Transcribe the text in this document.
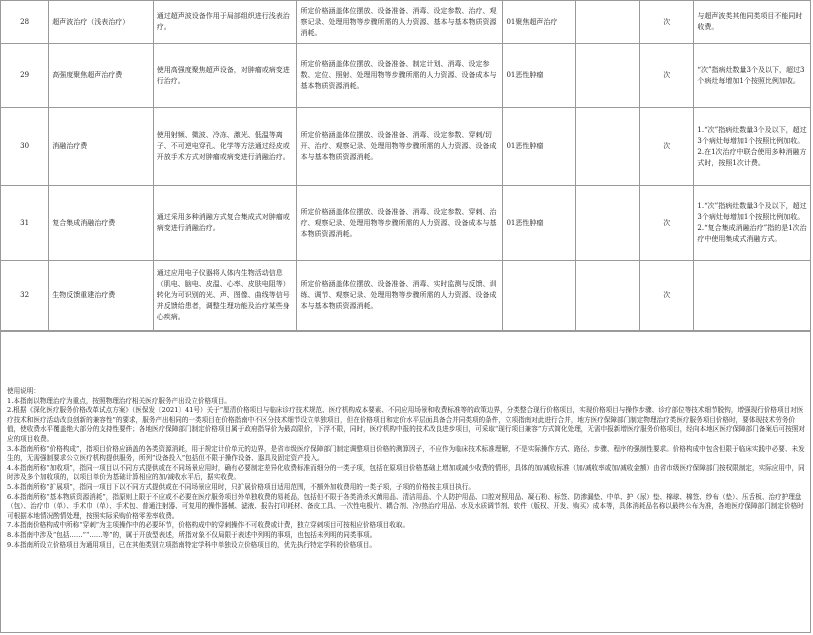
28	超声波治疗（浅表治疗）	通过超声波设备作用于局部组织进行浅表治疗。	所定价格涵盖体位摆放、设备准备、消毒、设定参数、治疗、观察记录、处理用物等步骤所需的人力资源、基本与基本物质资源消耗。	01聚焦超声治疗		次	与超声波类其他同类项目不能同时收费。
29	高强度聚焦超声治疗费	使用高强度聚焦超声设备，对肿瘤或病变进行治疗。	所定价格涵盖体位摆放、设备准备、制定计划、消毒、设定参数、定位、照射、处理用物等步骤所需的人力资源、设备成本与基本物质资源消耗。	01恶性肿瘤		次	“次”指病灶数量3个及以下，超过3个病灶每增加1个按照比例加收。
30	消融治疗费	使用射频、微波、冷冻、激光、低温等离子、不可逆电穿孔、化学等方法通过经皮或开放手术方式对肿瘤或病变进行消融治疗。	所定价格涵盖体位摆放、设备准备、消毒、设定参数、穿刺/切开、治疗、观察记录、处理用物等步骤所需的人力资源、设备成本与基本物质资源消耗。	01恶性肿瘤		次	1.“次”指病灶数量3个及以下，超过3个病灶每增加1个按照比例加收。2.在1次治疗中联合使用多种消融方式时，按照1次计费。
31	复合集成消融治疗费	通过采用多种消融方式复合集成式对肿瘤或病变进行消融治疗。	所定价格涵盖体位摆放、设备准备、消毒、设定参数、穿刺、治疗、观察记录、处理用物等步骤所需的人力资源、设备成本与基本物质资源消耗。	01恶性肿瘤		次	1.“次”指病灶数量3个及以下，超过3个病灶每增加1个按照比例加收。2.“复合集成消融治疗”指的是1次治疗中使用集成式消融方式。
32	生物反馈重建治疗费	通过应用电子仪器将人体内生物活动信息（肌电、脑电、皮温、心率、皮肤电阻等）转化为可识别的光、声、图像、曲线等信号并反馈给患者，调整生理功能及治疗某些身心疾病。	所定价格涵盖体位摆放、设备准备、消毒、实时监测与反馈、训练、调节、观察记录、处理用物等步骤所需的人力资源、设备成本与基本物质资源消耗。			次	

使用说明：

1.本指南以物理治疗为重点，按照物理治疗相关医疗服务产出设立价格项目。

2.根据《深化医疗服务价格改革试点方案》（医保发〔2021〕41号）关于“厘清价格项目与临床诊疗技术规范、医疗机构成本要素、不同应用场景和收费标准等的政策边界，分类整合现行价格项目，实现价格项目与操作步骤、诊疗部位等技术细节脱钩，增强现行价格项目对医疗技术和医疗活动改良创新的兼容性”的要求，服务产出相同的一类项目在价格指南中不区分技术细节设立单独项目，但在价格项目和定价水平层面具备合并同类项的条件，立项指南对此进行合并，地方医疗保障部门制定物理治疗类医疗服务项目价格时，要体现技术劳务价值，使收费水平覆盖绝大部分的支持性要件；各地医疗保障部门制定价格项目属于政府指导价为最高限价，下浮不限，同时，医疗机构中报的技术改良进步项目，可采取“现行项目兼容”方式简化处理，无需申报新增医疗服务价格项目，经向本地区医疗保障部门备案后可按照对应的项目收费。

3.本指南所称“价格构成”，指项目价格应涵盖的各类资源消耗，用于规定计价单元的边界，是省市级医疗保障部门制定调整项目价格的测算因子，不应作为临床技术标准理解，不是实际操作方式、路径、步骤、程序的强制性要求。价格构成中包含但限于临床实践中必要、未发生的，无需强制要求公立医疗机构提供服务，所列“设备投入”包括但不限于操作设备、器具及固定资产投入。

4.本指南所称“加收项”，指同一项目以不同方式提供或在不同场景应用时，确有必要制定差异化收费标准而细分的一类子项，包括在原项目价格基础上增加或减少收费的情形，具体的加/减收标准（加/减收率或加/减收金额）由省市级医疗保障部门按权限制定，实际应用中，同时涉及多个加收项的，以项目单价为基础计算相应的加/减收水平后，据实收费。

5.本指南所称“扩展项”，指同一项目下以不同方式提供或在不同场景应用时，只扩展价格项目适用范围，不额外加收费用的一类子项，子项的价格按主项目执行。

6.本指南所称“基本物质资源消耗”，指原则上限于不应或不必要在医疗服务项目外单独收费的易耗品，包括但不限于各类消杀灭菌用品、清洁用品、个人防护用品、口腔对照用品、凝石粉、标签、防渗漏垫、中单、护（尿）垫、棉球、棉签、纱布（垫）、压舌板、治疗护理盘（包）、治疗巾（单）、手术巾（单）、手术包、普通注射器、可复用的操作器械、滤液、报告打印耗材、备皮工具、一次性电极片、耦合剂、冷/热治疗用品、水及水质调节剂、软件（版权、开发、购买）成本等，具体消耗品名称以最终公布为准，各地医疗保障部门制定价格时可根据本地情况酌情处理，按照实际采购价格零差率收费。

7.本指南价格构成中所称“穿刺”为主项操作中的必要环节，价格构成中的穿刺操作不可收费或计费，独立穿刺项目可按相应价格项目收取。

8.本指南中涉及“包括……”“……等”的，属于开放型表述，所指对象不仅局限于表述中列明的事项，也包括未列明的同类事项。

9.本指南所设立价格项目为通用项目，已在其他类别立项指南特定学科中单独设立价格项目的，优先执行特定学科的价格项目。
